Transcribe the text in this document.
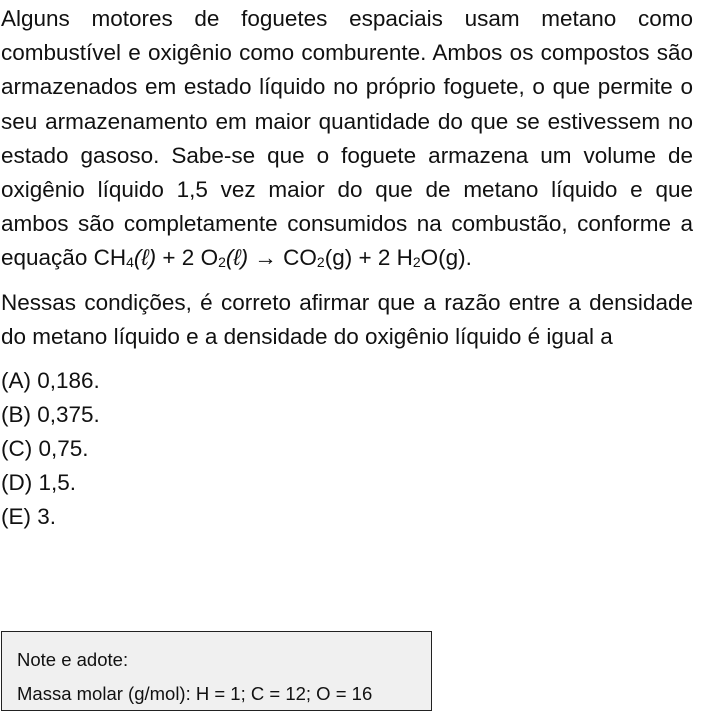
Alguns motores de foguetes espaciais usam metano como combustível e oxigênio como comburente. Ambos os compostos são armazenados em estado líquido no próprio foguete, o que permite o seu armazenamento em maior quantidade do que se estivessem no estado gasoso. Sabe-se que o foguete armazena um volume de oxigênio líquido 1,5 vez maior do que de metano líquido e que ambos são completamente consumidos na combustão, conforme a equação $CH_4(\ell) + 2$ $O_2(\ell) \to CO_2(g) + 2$ $H_2O(g)$.

Nessas condições, é correto afirmar que a razão entre a densidade do metano líquido e a densidade do oxigênio líquido é igual a

(A) 0,186.
(B) 0,375.
(C) 0,75.
(D) 1,5.
(E) 3.
Note e adote:
Massa molar (g/mol): H = 1; C = 12; O = 16
